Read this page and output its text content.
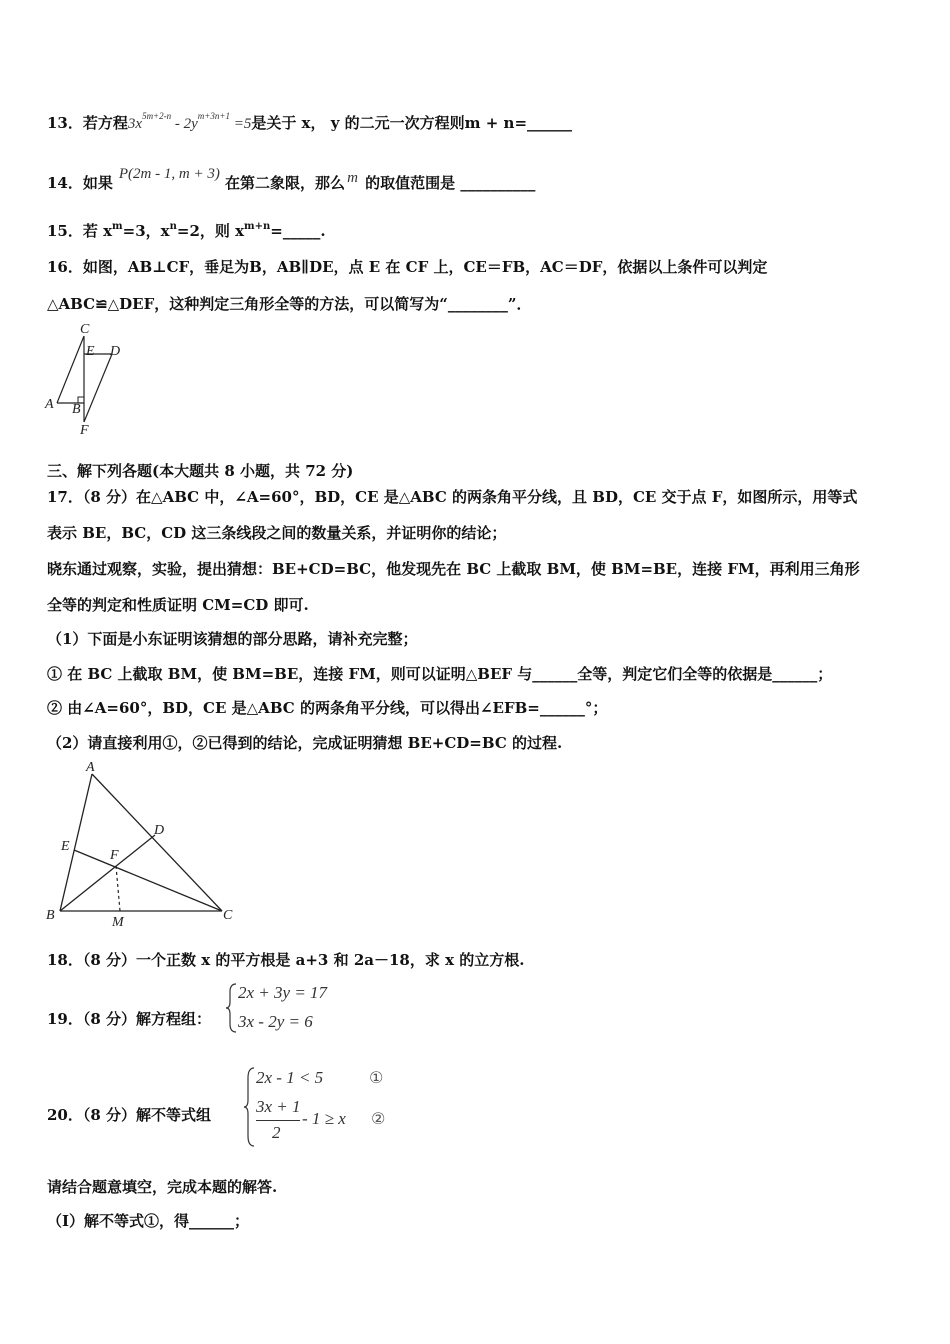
13．若方程$3x^{5m+2-n} - 2y^{m+3n+1} =5$是关于 x， y 的二元一次方程则m + n=______
14．如果 P(2m - 1, m + 3) 在第二象限，那么 m 的取值范围是 __________
15．若 $x^m=3$，$x^n=2$，则 $x^{m+n}=\_\_\_\_\_$.
16．如图，AB⊥CF，垂足为B，AB∥DE，点 E 在 CF 上，CE＝FB，AC＝DF，依据以上条件可以判定
△ABC≌△DEF，这种判定三角形全等的方法，可以简写为“________”．
C
E D
A B
F
三、解下列各题(本大题共 8 小题，共 72 分)
17．（8 分）在△ABC 中，∠A=60°，BD，CE 是△ABC 的两条角平分线，且 BD，CE 交于点 F，如图所示，用等式
表示 BE，BC，CD 这三条线段之间的数量关系，并证明你的结论；
晓东通过观察，实验，提出猜想：BE+CD=BC，他发现先在 BC 上截取 BM，使 BM=BE，连接 FM，再利用三角形
全等的判定和性质证明 CM=CD 即可.
（1）下面是小东证明该猜想的部分思路，请补充完整；
① 在 BC 上截取 BM，使 BM=BE，连接 FM，则可以证明△BEF 与______全等，判定它们全等的依据是______；
② 由∠A=60°，BD，CE 是△ABC 的两条角平分线，可以得出∠EFB=______°；
（2）请直接利用①，②已得到的结论，完成证明猜想 BE+CD=BC 的过程.
A
D
E
F
B	M	C
18．（8 分）一个正数 x 的平方根是 a+3 和 2a－18，求 x 的立方根.
19．（8 分）解方程组：
2x + 3y = 17
3x - 2y = 6
20．（8 分）解不等式组
2x - 1 < 5	①
3x + 1
2
- 1 ≥ x ②
请结合题意填空，完成本题的解答.
（Ⅰ）解不等式①，得______；
